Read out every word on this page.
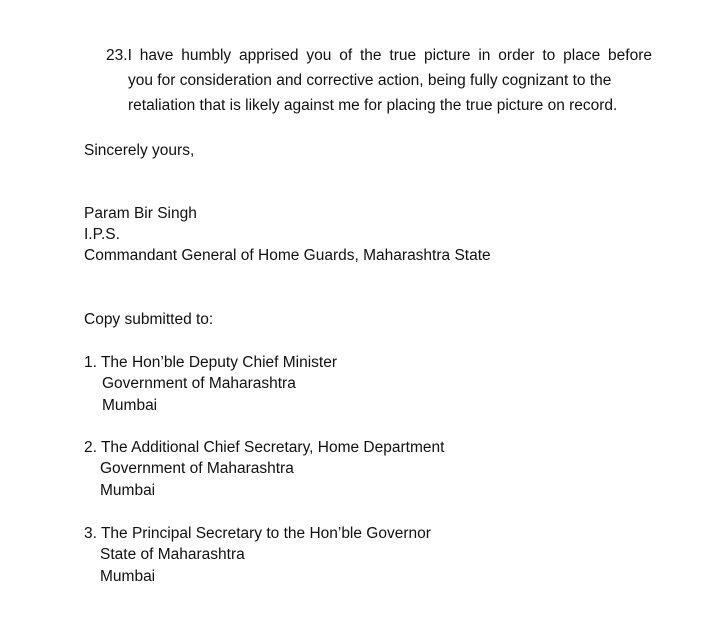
23.I have humbly apprised you of the true picture in order to place before
you for consideration and corrective action, being fully cognizant to the
retaliation that is likely against me for placing the true picture on record.
Sincerely yours,
Param Bir Singh
I.P.S.
Commandant General of Home Guards, Maharashtra State
Copy submitted to:
1. The Hon’ble Deputy Chief Minister
Government of Maharashtra
Mumbai
2. The Additional Chief Secretary, Home Department
Government of Maharashtra
Mumbai
3. The Principal Secretary to the Hon’ble Governor
State of Maharashtra
Mumbai
